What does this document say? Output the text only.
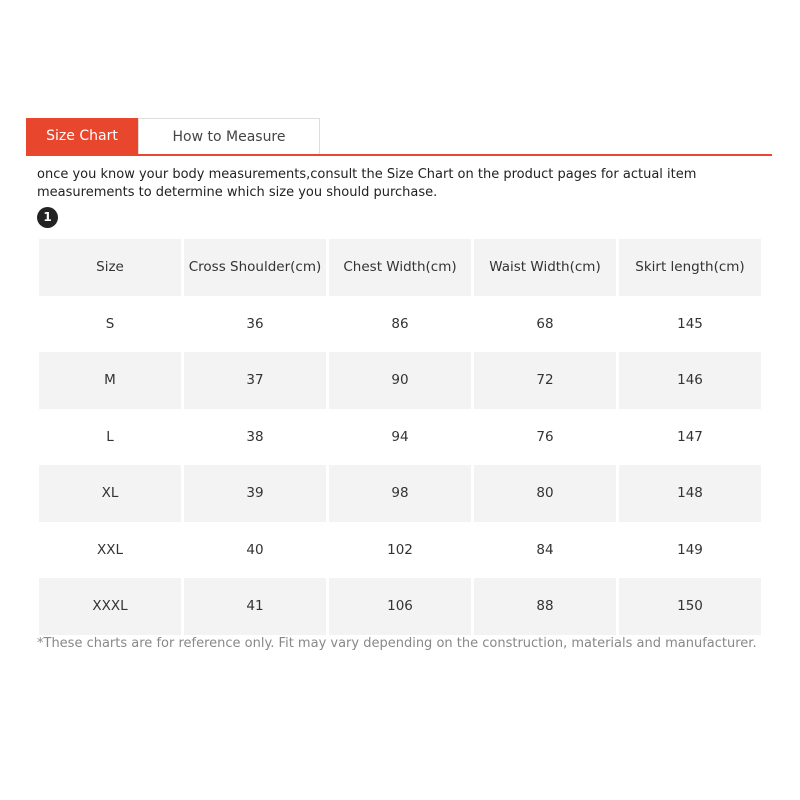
Size Chart	How to Measure
once you know your body measurements,consult the Size Chart on the product pages for actual item measurements to determine which size you should purchase.
1
Size	Cross Shoulder(cm)	Chest Width(cm)	Waist Width(cm)	Skirt length(cm)
S	36	86	68	145
M	37	90	72	146
L	38	94	76	147
XL	39	98	80	148
XXL	40	102	84	149
XXXL	41	106	88	150
*These charts are for reference only. Fit may vary depending on the construction, materials and manufacturer.
